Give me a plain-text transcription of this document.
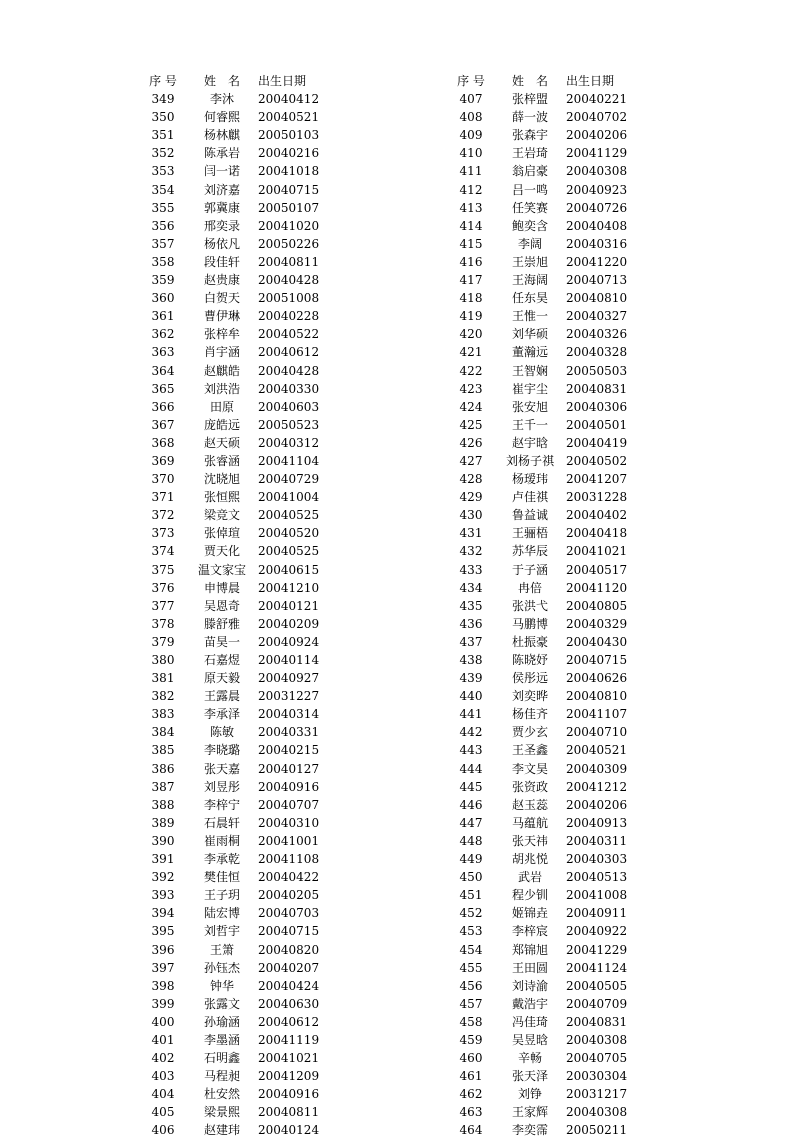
序 号	姓　名	出生日期
349	李沐	20040412
350	何睿熙	20040521
351	杨林麒	20050103
352	陈承岩	20040216
353	闫一诺	20041018
354	刘济嘉	20040715
355	郭冀康	20050107
356	邢奕录	20041020
357	杨依凡	20050226
358	段佳轩	20040811
359	赵贵康	20040428
360	白贺天	20051008
361	曹伊琳	20040228
362	张梓牟	20040522
363	肖宇涵	20040612
364	赵麒皓	20040428
365	刘洪浩	20040330
366	田原	20040603
367	庞皓远	20050523
368	赵天硕	20040312
369	张睿涵	20041104
370	沈晓旭	20040729
371	张恒熙	20041004
372	梁竞文	20040525
373	张倬瑄	20040520
374	贾天化	20040525
375	温文家宝	20040615
376	申博晨	20041210
377	吴恩奇	20040121
378	滕舒雅	20040209
379	苗昊一	20040924
380	石嘉煜	20040114
381	原天毅	20040927
382	王露晨	20031227
383	李承泽	20040314
384	陈敏	20040331
385	李晓璐	20040215
386	张天嘉	20040127
387	刘昱彤	20040916
388	李梓宁	20040707
389	石晨轩	20040310
390	崔雨桐	20041001
391	李承乾	20041108
392	樊佳恒	20040422
393	王子玥	20040205
394	陆宏博	20040703
395	刘哲宇	20040715
396	王箫	20040820
397	孙钰杰	20040207
398	钟华	20040424
399	张露文	20040630
400	孙瑜涵	20040612
401	李墨涵	20041119
402	石明鑫	20041021
403	马程昶	20041209
404	杜安然	20040916
405	梁景熙	20040811
406	赵建玮	20040124
序 号	姓　名	出生日期
407	张梓盟	20040221
408	薛一波	20040702
409	张森宇	20040206
410	王岩琦	20041129
411	翁启豪	20040308
412	吕一鸣	20040923
413	任笑赛	20040726
414	鲍奕含	20040408
415	李阔	20040316
416	王崇旭	20041220
417	王海阔	20040713
418	任东昊	20040810
419	王惟一	20040327
420	刘华硕	20040326
421	董瀚远	20040328
422	王智娴	20050503
423	崔宇尘	20040831
424	张安旭	20040306
425	王千一	20040501
426	赵宇晗	20040419
427	刘杨子祺	20040502
428	杨瑷玮	20041207
429	卢佳祺	20031228
430	鲁益诚	20040402
431	王骊梧	20040418
432	苏华辰	20041021
433	于子涵	20040517
434	冉倍	20041120
435	张洪弋	20040805
436	马鹏博	20040329
437	杜振豪	20040430
438	陈晓妤	20040715
439	侯彤远	20040626
440	刘奕晔	20040810
441	杨佳齐	20041107
442	贾少玄	20040710
443	王圣鑫	20040521
444	李文昊	20040309
445	张资政	20041212
446	赵玉蕊	20040206
447	马蕴航	20040913
448	张天祎	20040311
449	胡兆悦	20040303
450	武岩	20040513
451	程少钏	20041008
452	姬锦垚	20040911
453	李梓宸	20040922
454	郑锦旭	20041229
455	王田圆	20041124
456	刘诗渝	20040505
457	戴浩宇	20040709
458	冯佳琦	20040831
459	吴昱晗	20040308
460	辛畅	20040705
461	张天泽	20030304
462	刘铮	20031217
463	王家辉	20040308
464	李奕霈	20050211
